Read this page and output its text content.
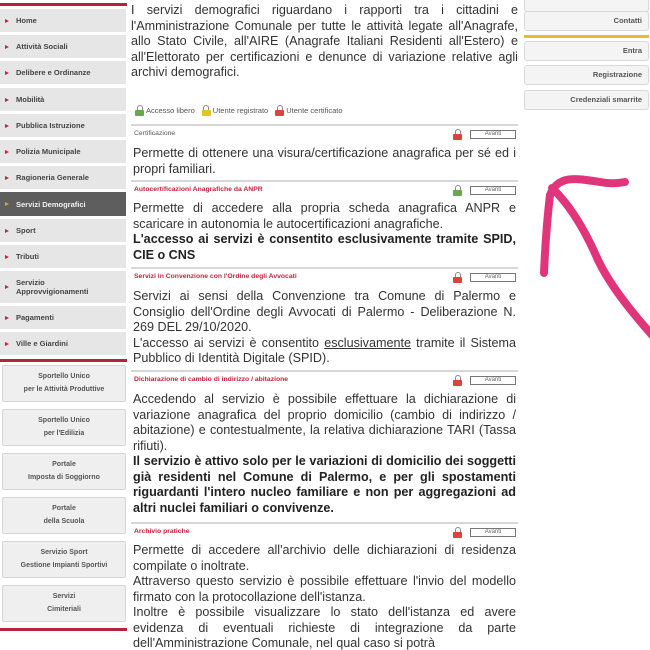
Home
Attività Sociali
Delibere e Ordinanze
Mobilità
Pubblica Istruzione
Polizia Municipale
Ragioneria Generale
Servizi Demografici
Sport
Tributi
Servizio Approvvigionamenti
Pagamenti
Ville e Giardini
Sportello Unico
per le Attività Produttive
Sportello Unico
per l'Edilizia
Portale
Imposta di Soggiorno
Portale
della Scuola
Servizio Sport
Gestione Impianti Sportivi
Servizi
Cimiteriali

I servizi demografici riguardano i rapporti tra i cittadini e l'Amministrazione Comunale per tutte le attività legate all'Anagrafe, allo Stato Civile, all'AIRE (Anagrafe Italiani Residenti all'Estero) e all'Elettorato per certificazioni e denunce di variazione relative agli archivi demografici.

Accesso libero Utente registrato Utente certificato
Certificazione	Avanti
Permette di ottenere una visura/certificazione anagrafica per sé ed i propri familiari.
Autocertificazioni Anagrafiche da ANPR	Avanti
Permette di accedere alla propria scheda anagrafica ANPR e scaricare in autonomia le autocertificazioni anagrafiche.
L'accesso ai servizi è consentito esclusivamente tramite SPID, CIE o CNS
Servizi in Convenzione con l'Ordine degli Avvocati	Avanti
Servizi ai sensi della Convenzione tra Comune di Palermo e Consiglio dell'Ordine degli Avvocati di Palermo - Deliberazione N. 269 DEL 29/10/2020.
L'accesso ai servizi è consentito esclusivamente tramite il Sistema Pubblico di Identità Digitale (SPID).
Dichiarazione di cambio di indirizzo / abitazione	Avanti
Accedendo al servizio è possibile effettuare la dichiarazione di variazione anagrafica del proprio domicilio (cambio di indirizzo / abitazione) e contestualmente, la relativa dichiarazione TARI (Tassa rifiuti).
Il servizio è attivo solo per le variazioni di domicilio dei soggetti già residenti nel Comune di Palermo, e per gli spostamenti riguardanti l'intero nucleo familiare e non per aggregazioni ad altri nuclei familiari o convivenze.
Archivio pratiche	Avanti
Permette di accedere all'archivio delle dichiarazioni di residenza compilate o inoltrate.
Attraverso questo servizio è possibile effettuare l'invio del modello firmato con la protocollazione dell'istanza.
Inoltre è possibile visualizzare lo stato dell'istanza ed avere evidenza di eventuali richieste di integrazione da parte dell'Amministrazione Comunale, nel qual caso si potrà
Contatti
Entra
Registrazione
Credenziali smarrite
